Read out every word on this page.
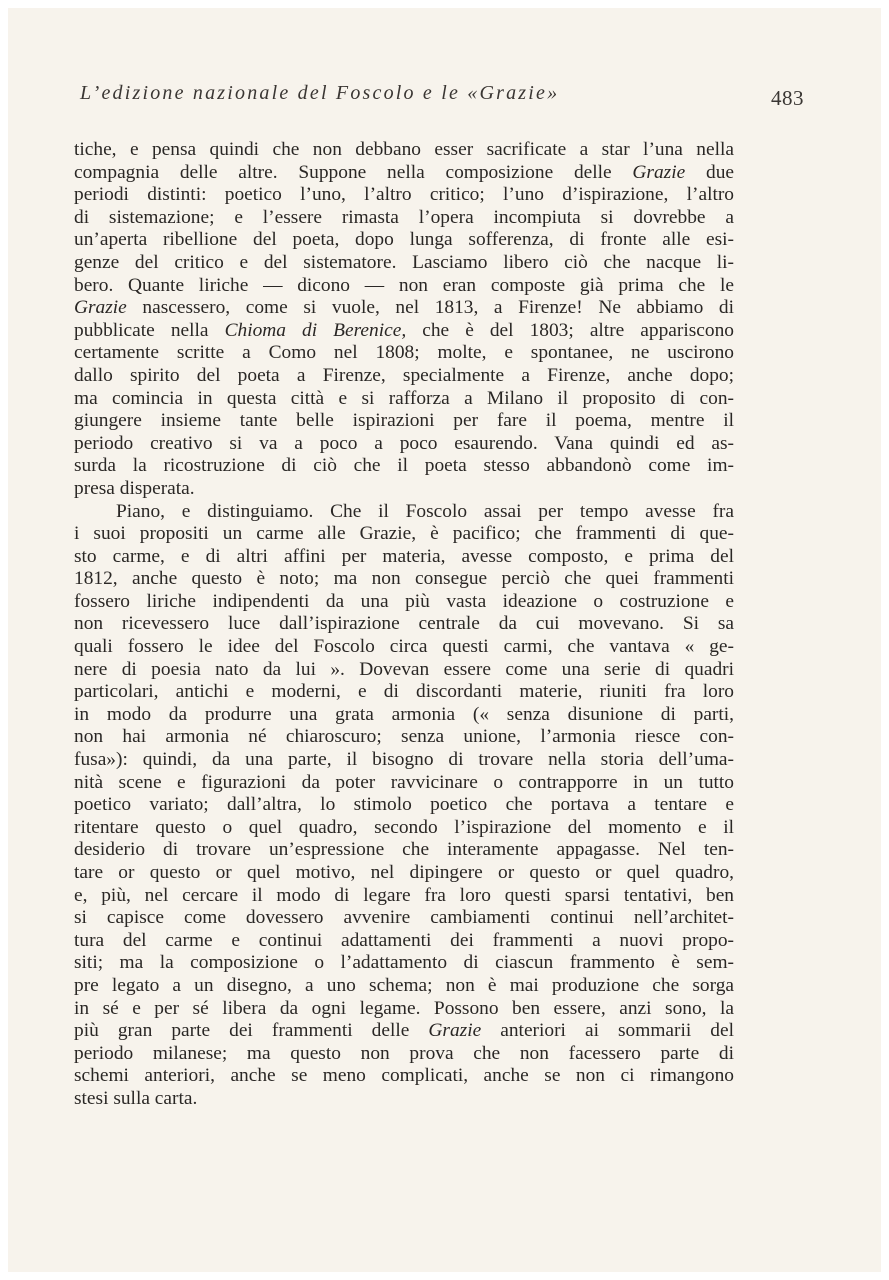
L’edizione nazionale del Foscolo e le «Grazie»	483
tiche, e pensa quindi che non debbano esser sacrificate a star l’una nella
compagnia delle altre. Suppone nella composizione delle Grazie due
periodi distinti: poetico l’uno, l’altro critico; l’uno d’ispirazione, l’altro
di sistemazione; e l’essere rimasta l’opera incompiuta si dovrebbe a
un’aperta ribellione del poeta, dopo lunga sofferenza, di fronte alle esi-
genze del critico e del sistematore. Lasciamo libero ciò che nacque li-
bero. Quante liriche — dicono — non eran composte già prima che le
Grazie nascessero, come si vuole, nel 1813, a Firenze! Ne abbiamo di
pubblicate nella Chioma di Berenice, che è del 1803; altre appariscono
certamente scritte a Como nel 1808; molte, e spontanee, ne uscirono
dallo spirito del poeta a Firenze, specialmente a Firenze, anche dopo;
ma comincia in questa città e si rafforza a Milano il proposito di con-
giungere insieme tante belle ispirazioni per fare il poema, mentre il
periodo creativo si va a poco a poco esaurendo. Vana quindi ed as-
surda la ricostruzione di ciò che il poeta stesso abbandonò come im-
presa disperata.
Piano, e distinguiamo. Che il Foscolo assai per tempo avesse fra
i suoi propositi un carme alle Grazie, è pacifico; che frammenti di que-
sto carme, e di altri affini per materia, avesse composto, e prima del
1812, anche questo è noto; ma non consegue perciò che quei frammenti
fossero liriche indipendenti da una più vasta ideazione o costruzione e
non ricevessero luce dall’ispirazione centrale da cui movevano. Si sa
quali fossero le idee del Foscolo circa questi carmi, che vantava « ge-
nere di poesia nato da lui ». Dovevan essere come una serie di quadri
particolari, antichi e moderni, e di discordanti materie, riuniti fra loro
in modo da produrre una grata armonia (« senza disunione di parti,
non hai armonia né chiaroscuro; senza unione, l’armonia riesce con-
fusa»): quindi, da una parte, il bisogno di trovare nella storia dell’uma-
nità scene e figurazioni da poter ravvicinare o contrapporre in un tutto
poetico variato; dall’altra, lo stimolo poetico che portava a tentare e
ritentare questo o quel quadro, secondo l’ispirazione del momento e il
desiderio di trovare un’espressione che interamente appagasse. Nel ten-
tare or questo or quel motivo, nel dipingere or questo or quel quadro,
e, più, nel cercare il modo di legare fra loro questi sparsi tentativi, ben
si capisce come dovessero avvenire cambiamenti continui nell’architet-
tura del carme e continui adattamenti dei frammenti a nuovi propo-
siti; ma la composizione o l’adattamento di ciascun frammento è sem-
pre legato a un disegno, a uno schema; non è mai produzione che sorga
in sé e per sé libera da ogni legame. Possono ben essere, anzi sono, la
più gran parte dei frammenti delle Grazie anteriori ai sommarii del
periodo milanese; ma questo non prova che non facessero parte di
schemi anteriori, anche se meno complicati, anche se non ci rimangono
stesi sulla carta.
